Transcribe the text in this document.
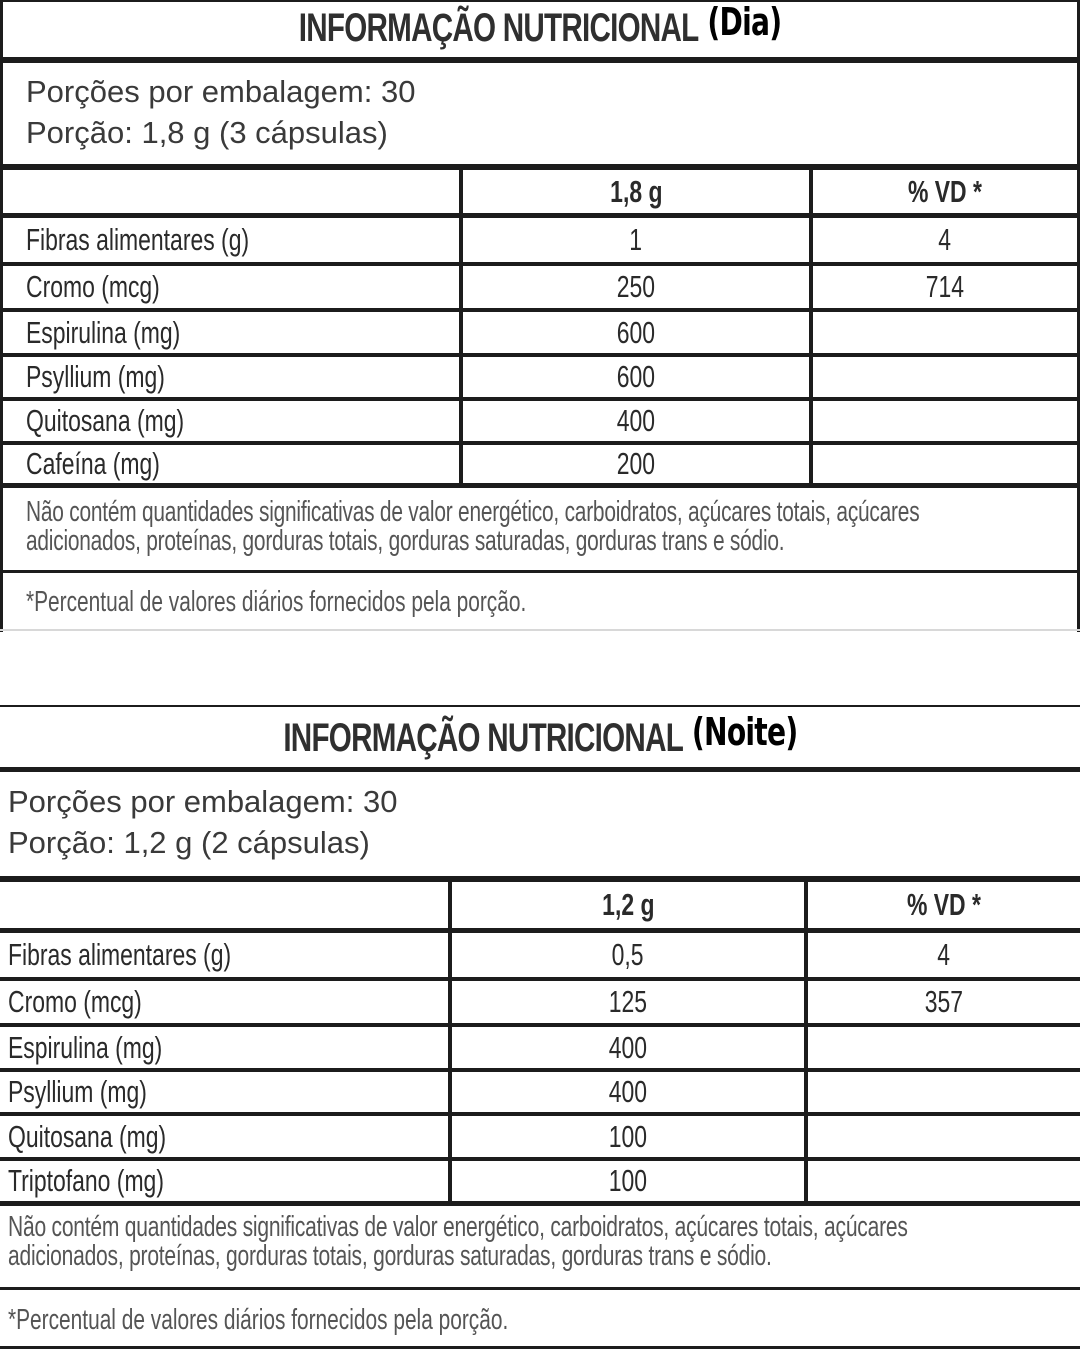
INFORMAÇÃO NUTRICIONAL (Dia)
Porções por embalagem: 30
Porção: 1,8 g (3 cápsulas)
1,8 g	% VD *
Fibras alimentares (g)	1	4
Cromo (mcg)	250	714
Espirulina (mg)	600
Psyllium (mg)	600
Quitosana (mg)	400
Cafeína (mg)	200
Não contém quantidades significativas de valor energético, carboidratos, açúcares totais, açúcares
adicionados, proteínas, gorduras totais, gorduras saturadas, gorduras trans e sódio.
*Percentual de valores diários fornecidos pela porção.
INFORMAÇÃO NUTRICIONAL (Noite)
Porções por embalagem: 30
Porção: 1,2 g (2 cápsulas)
1,2 g	% VD *
Fibras alimentares (g)	0,5	4
Cromo (mcg)	125	357
Espirulina (mg)	400
Psyllium (mg)	400
Quitosana (mg)	100
Triptofano (mg)	100
Não contém quantidades significativas de valor energético, carboidratos, açúcares totais, açúcares
adicionados, proteínas, gorduras totais, gorduras saturadas, gorduras trans e sódio.
*Percentual de valores diários fornecidos pela porção.
